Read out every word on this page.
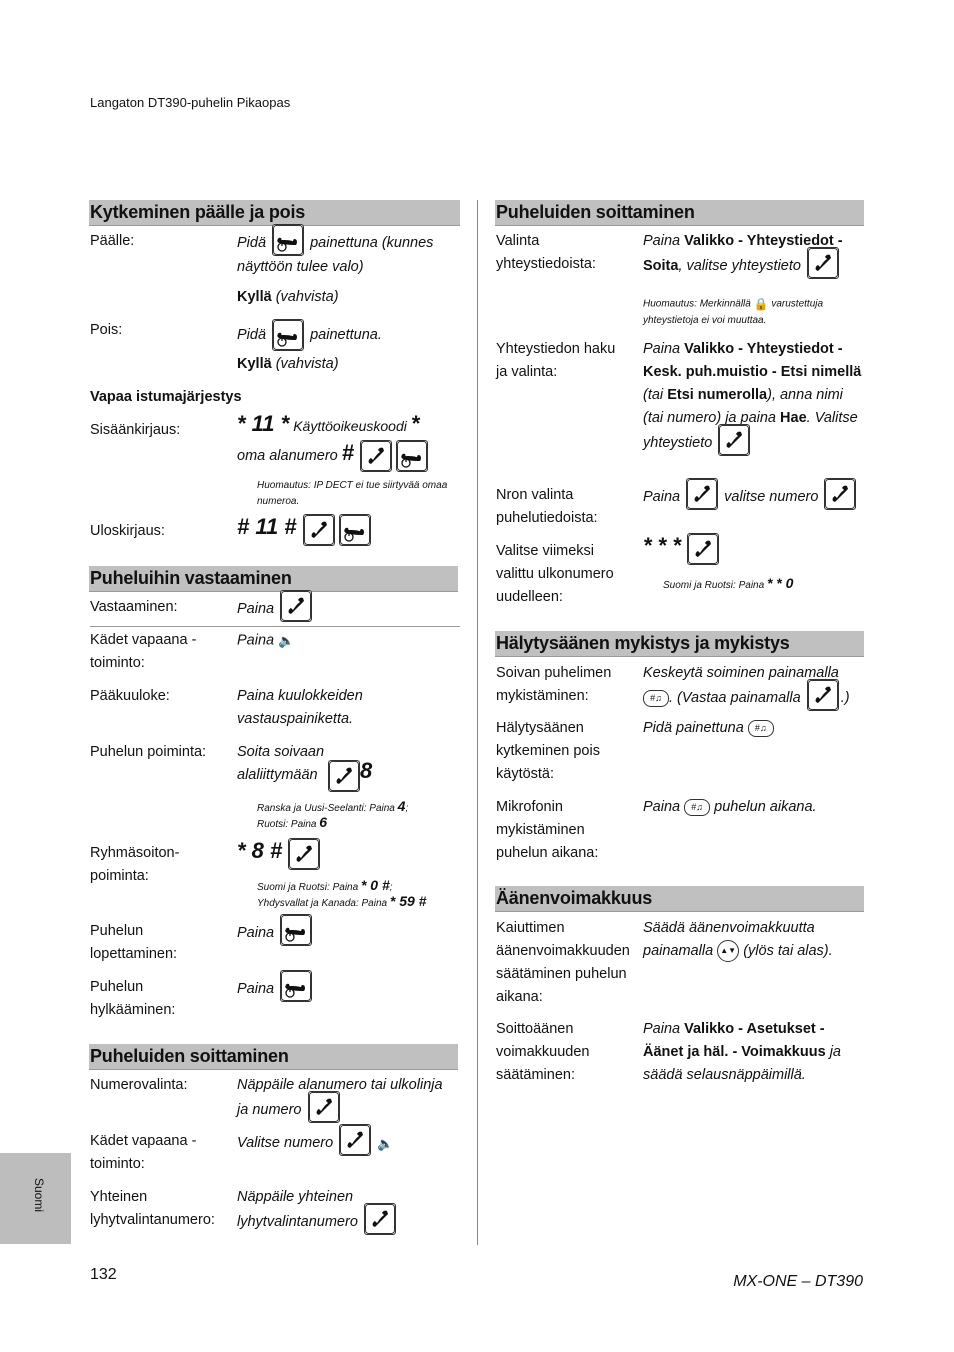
Langaton DT390-puhelin Pikaopas
Kytkeminen päälle ja pois
Päälle:	Pidä	painettuna (kunnes näyttöön tulee valo)
Kyllä (vahvista)
Pois:	Pidä	painettuna.
Kyllä (vahvista)
Vapaa istumajärjestys
Sisäänkirjaus:	* 11 * Käyttöoikeuskoodi *
oma alanumero #
Huomautus: IP DECT ei tue siirtyvää omaa numeroa.
Uloskirjaus:	# 11 #
Puheluihin vastaaminen
Vastaaminen:	Paina
Kädet vapaana - toiminto:
Paina 🔈
Pääkuuloke:	Paina kuulokkeiden vastauspainiketta.
Puhelun poiminta: Soita soivaan alaliittymään	8
Ranska ja Uusi-Seelanti: Paina 4;
Ruotsi: Paina 6
Ryhmäsoiton-poiminta:
* 8 #
Suomi ja Ruotsi: Paina * 0 #;
Yhdysvallat ja Kanada: Paina * 59 #
Puhelun lopettaminen:
Paina
Puhelun hylkääminen:
Paina
Puheluiden soittaminen
Numerovalinta:	Näppäile alanumero tai ulkolinja ja numero
Kädet vapaana - toiminto:
Valitse numero	🔈
Yhteinen lyhytvalintanumero:
Näppäile yhteinen lyhytvalintanumero
Puheluiden soittaminen
Valinta yhteystiedoista:
Paina Valikko - Yhteystiedot - Soita, valitse yhteystieto
Huomautus: Merkinnällä 🔒 varustettuja yhteystietoja ei voi muuttaa.
Yhteystiedon haku ja valinta:
Paina Valikko - Yhteystiedot - Kesk. puh.muistio - Etsi nimellä (tai Etsi numerolla), anna nimi (tai numero) ja paina Hae. Valitse yhteystieto
Nron valinta puhelutiedoista:
Paina	valitse numero
Valitse viimeksi valittu ulkonumero uudelleen:
* * *
Suomi ja Ruotsi: Paina * * 0
Hälytysäänen mykistys ja mykistys
Soivan puhelimen mykistäminen:
Keskeytä soiminen painamalla #♫ . (Vastaa painamalla	.)
Hälytysäänen kytkeminen pois käytöstä:
Pidä painettuna #♫
Mikrofonin mykistäminen puhelun aikana:
Paina #♫ puhelun aikana.
Äänenvoimakkuus
Kaiuttimen äänenvoimakkuuden säätäminen puhelun aikana:
Säädä äänenvoimakkuutta painamalla ▲▼ (ylös tai alas).
Soittoäänen voimakkuuden säätäminen:
Paina Valikko - Asetukset - Äänet ja häl. - Voimakkuus ja säädä selausnäppäimillä.
Suomi
132	MX-ONE – DT390
